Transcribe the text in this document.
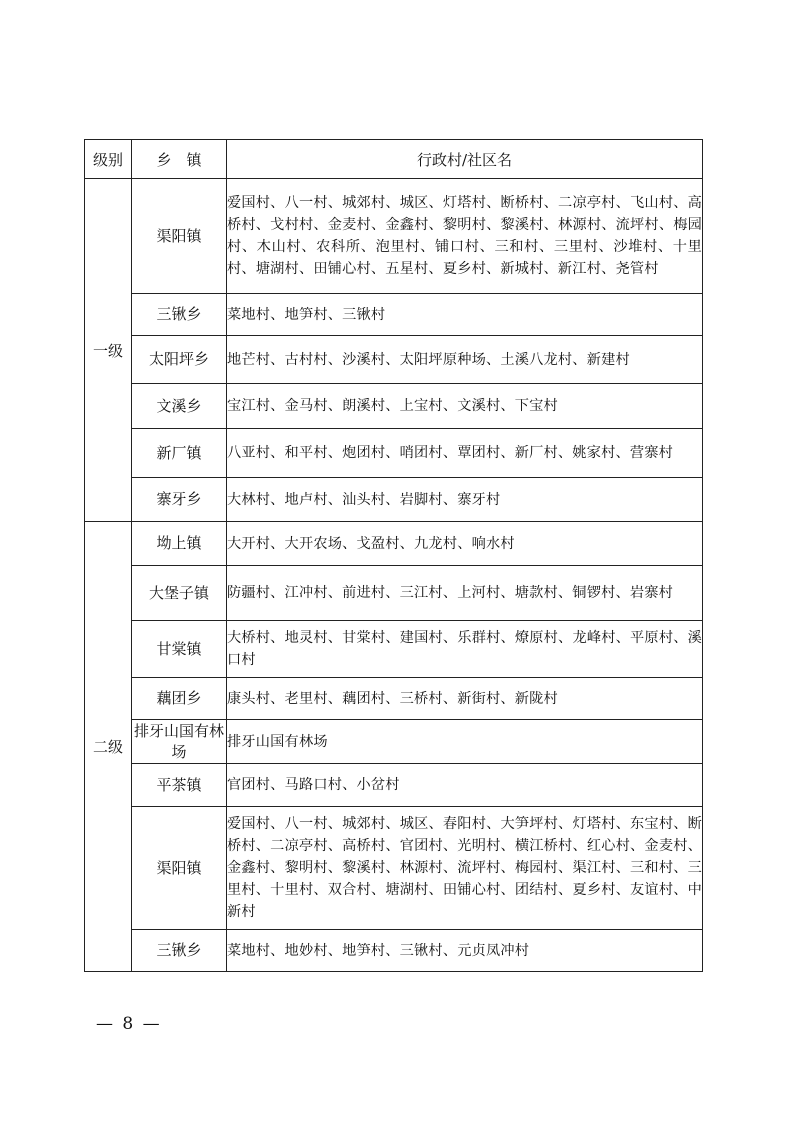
级别	乡　镇	行政村/社区名
一级	渠阳镇	爱国村、八一村、城郊村、城区、灯塔村、断桥村、二凉亭村、飞山村、高桥村、戈村村、金麦村、金鑫村、黎明村、黎溪村、林源村、流坪村、梅园村、木山村、农科所、泡里村、铺口村、三和村、三里村、沙堆村、十里村、塘湖村、田铺心村、五星村、夏乡村、新城村、新江村、尧管村
	三锹乡	菜地村、地笋村、三锹村
	太阳坪乡	地芒村、古村村、沙溪村、太阳坪原种场、土溪八龙村、新建村
	文溪乡	宝江村、金马村、朗溪村、上宝村、文溪村、下宝村
	新厂镇	八亚村、和平村、炮团村、哨团村、覃团村、新厂村、姚家村、营寨村
	寨牙乡	大林村、地卢村、汕头村、岩脚村、寨牙村
二级	坳上镇	大开村、大开农场、戈盈村、九龙村、响水村
	大堡子镇	防疆村、江冲村、前进村、三江村、上河村、塘款村、铜锣村、岩寨村
	甘棠镇	大桥村、地灵村、甘棠村、建国村、乐群村、燎原村、龙峰村、平原村、溪口村
	藕团乡	康头村、老里村、藕团村、三桥村、新街村、新陇村
	排牙山国有林场	排牙山国有林场
	平茶镇	官团村、马路口村、小岔村
	渠阳镇	爱国村、八一村、城郊村、城区、春阳村、大笋坪村、灯塔村、东宝村、断桥村、二凉亭村、高桥村、官团村、光明村、横江桥村、红心村、金麦村、金鑫村、黎明村、黎溪村、林源村、流坪村、梅园村、渠江村、三和村、三里村、十里村、双合村、塘湖村、田铺心村、团结村、夏乡村、友谊村、中新村
	三锹乡	菜地村、地妙村、地笋村、三锹村、元贞凤冲村
— 8 —
